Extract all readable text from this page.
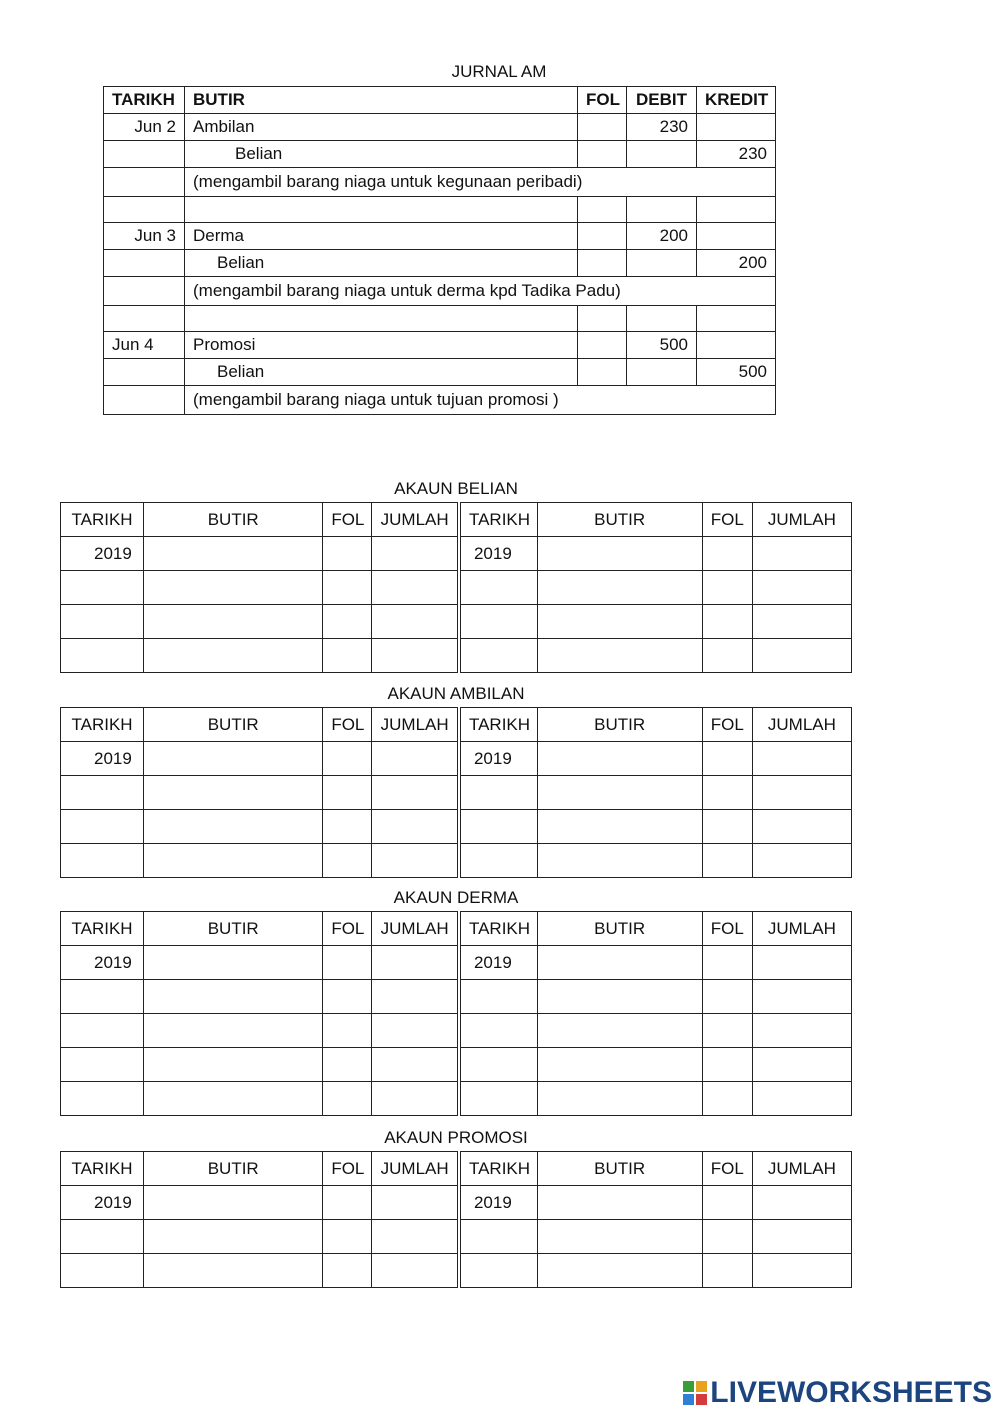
JURNAL AM
TARIKH	BUTIR	FOL	DEBIT	KREDIT
Jun 2	Ambilan		230	
	Belian			230
	(mengambil barang niaga untuk kegunaan peribadi)			

Jun 3	Derma		200	
	Belian			200
	(mengambil barang niaga untuk derma kpd Tadika Padu)			

Jun 4	Promosi		500	
	Belian			500
	(mengambil barang niaga untuk tujuan promosi )			
AKAUN BELIAN
TARIKH	BUTIR	FOL	JUMLAH	TARIKH	BUTIR	FOL	JUMLAH
2019				2019			

AKAUN AMBILAN
TARIKH	BUTIR	FOL	JUMLAH	TARIKH	BUTIR	FOL	JUMLAH
2019				2019			

AKAUN DERMA
TARIKH	BUTIR	FOL	JUMLAH	TARIKH	BUTIR	FOL	JUMLAH
2019				2019			

AKAUN PROMOSI
TARIKH	BUTIR	FOL	JUMLAH	TARIKH	BUTIR	FOL	JUMLAH
2019				2019			

LIVEWORKSHEETS
